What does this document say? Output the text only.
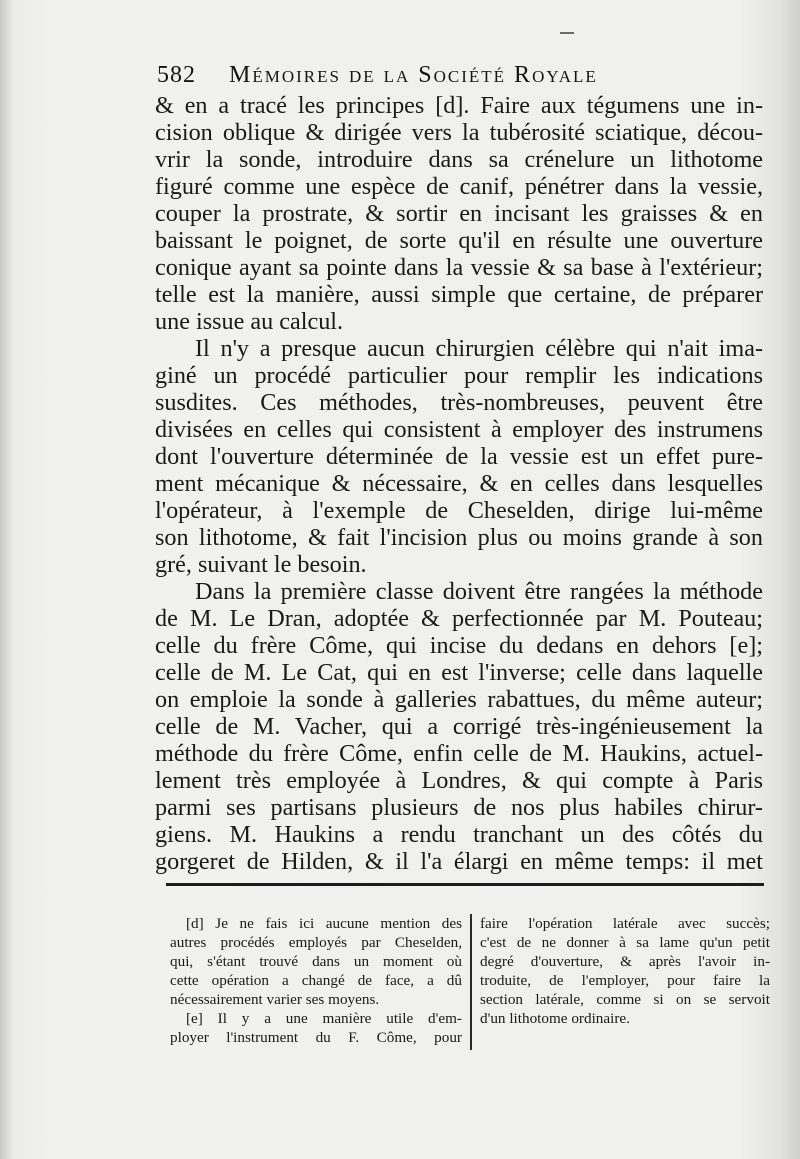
582 Mémoires de la Société Royale
& en a tracé les principes [d]. Faire aux tégumens une in-
cision oblique & dirigée vers la tubérosité sciatique, décou-
vrir la sonde, introduire dans sa crénelure un lithotome
figuré comme une espèce de canif, pénétrer dans la vessie,
couper la prostrate, & sortir en incisant les graisses & en
baissant le poignet, de sorte qu'il en résulte une ouverture
conique ayant sa pointe dans la vessie & sa base à l'extérieur;
telle est la manière, aussi simple que certaine, de préparer
une issue au calcul.
Il n'y a presque aucun chirurgien célèbre qui n'ait ima-
giné un procédé particulier pour remplir les indications
susdites. Ces méthodes, très-nombreuses, peuvent être
divisées en celles qui consistent à employer des instrumens
dont l'ouverture déterminée de la vessie est un effet pure-
ment mécanique & nécessaire, & en celles dans lesquelles
l'opérateur, à l'exemple de Cheselden, dirige lui-même
son lithotome, & fait l'incision plus ou moins grande à son
gré, suivant le besoin.
Dans la première classe doivent être rangées la méthode
de M. Le Dran, adoptée & perfectionnée par M. Pouteau;
celle du frère Côme, qui incise du dedans en dehors [e];
celle de M. Le Cat, qui en est l'inverse; celle dans laquelle
on emploie la sonde à galleries rabattues, du même auteur;
celle de M. Vacher, qui a corrigé très-ingénieusement la
méthode du frère Côme, enfin celle de M. Haukins, actuel-
lement très employée à Londres, & qui compte à Paris
parmi ses partisans plusieurs de nos plus habiles chirur-
giens. M. Haukins a rendu tranchant un des côtés du
gorgeret de Hilden, & il l'a élargi en même temps: il met
[d] Je ne fais ici aucune mention des
autres procédés employés par Cheselden,
qui, s'étant trouvé dans un moment où
cette opération a changé de face, a dû
nécessairement varier ses moyens.
[e] Il y a une manière utile d'em-
ployer l'instrument du F. Côme, pour
faire l'opération latérale avec succès;
c'est de ne donner à sa lame qu'un petit
degré d'ouverture, & après l'avoir in-
troduite, de l'employer, pour faire la
section latérale, comme si on se servoit
d'un lithotome ordinaire.
